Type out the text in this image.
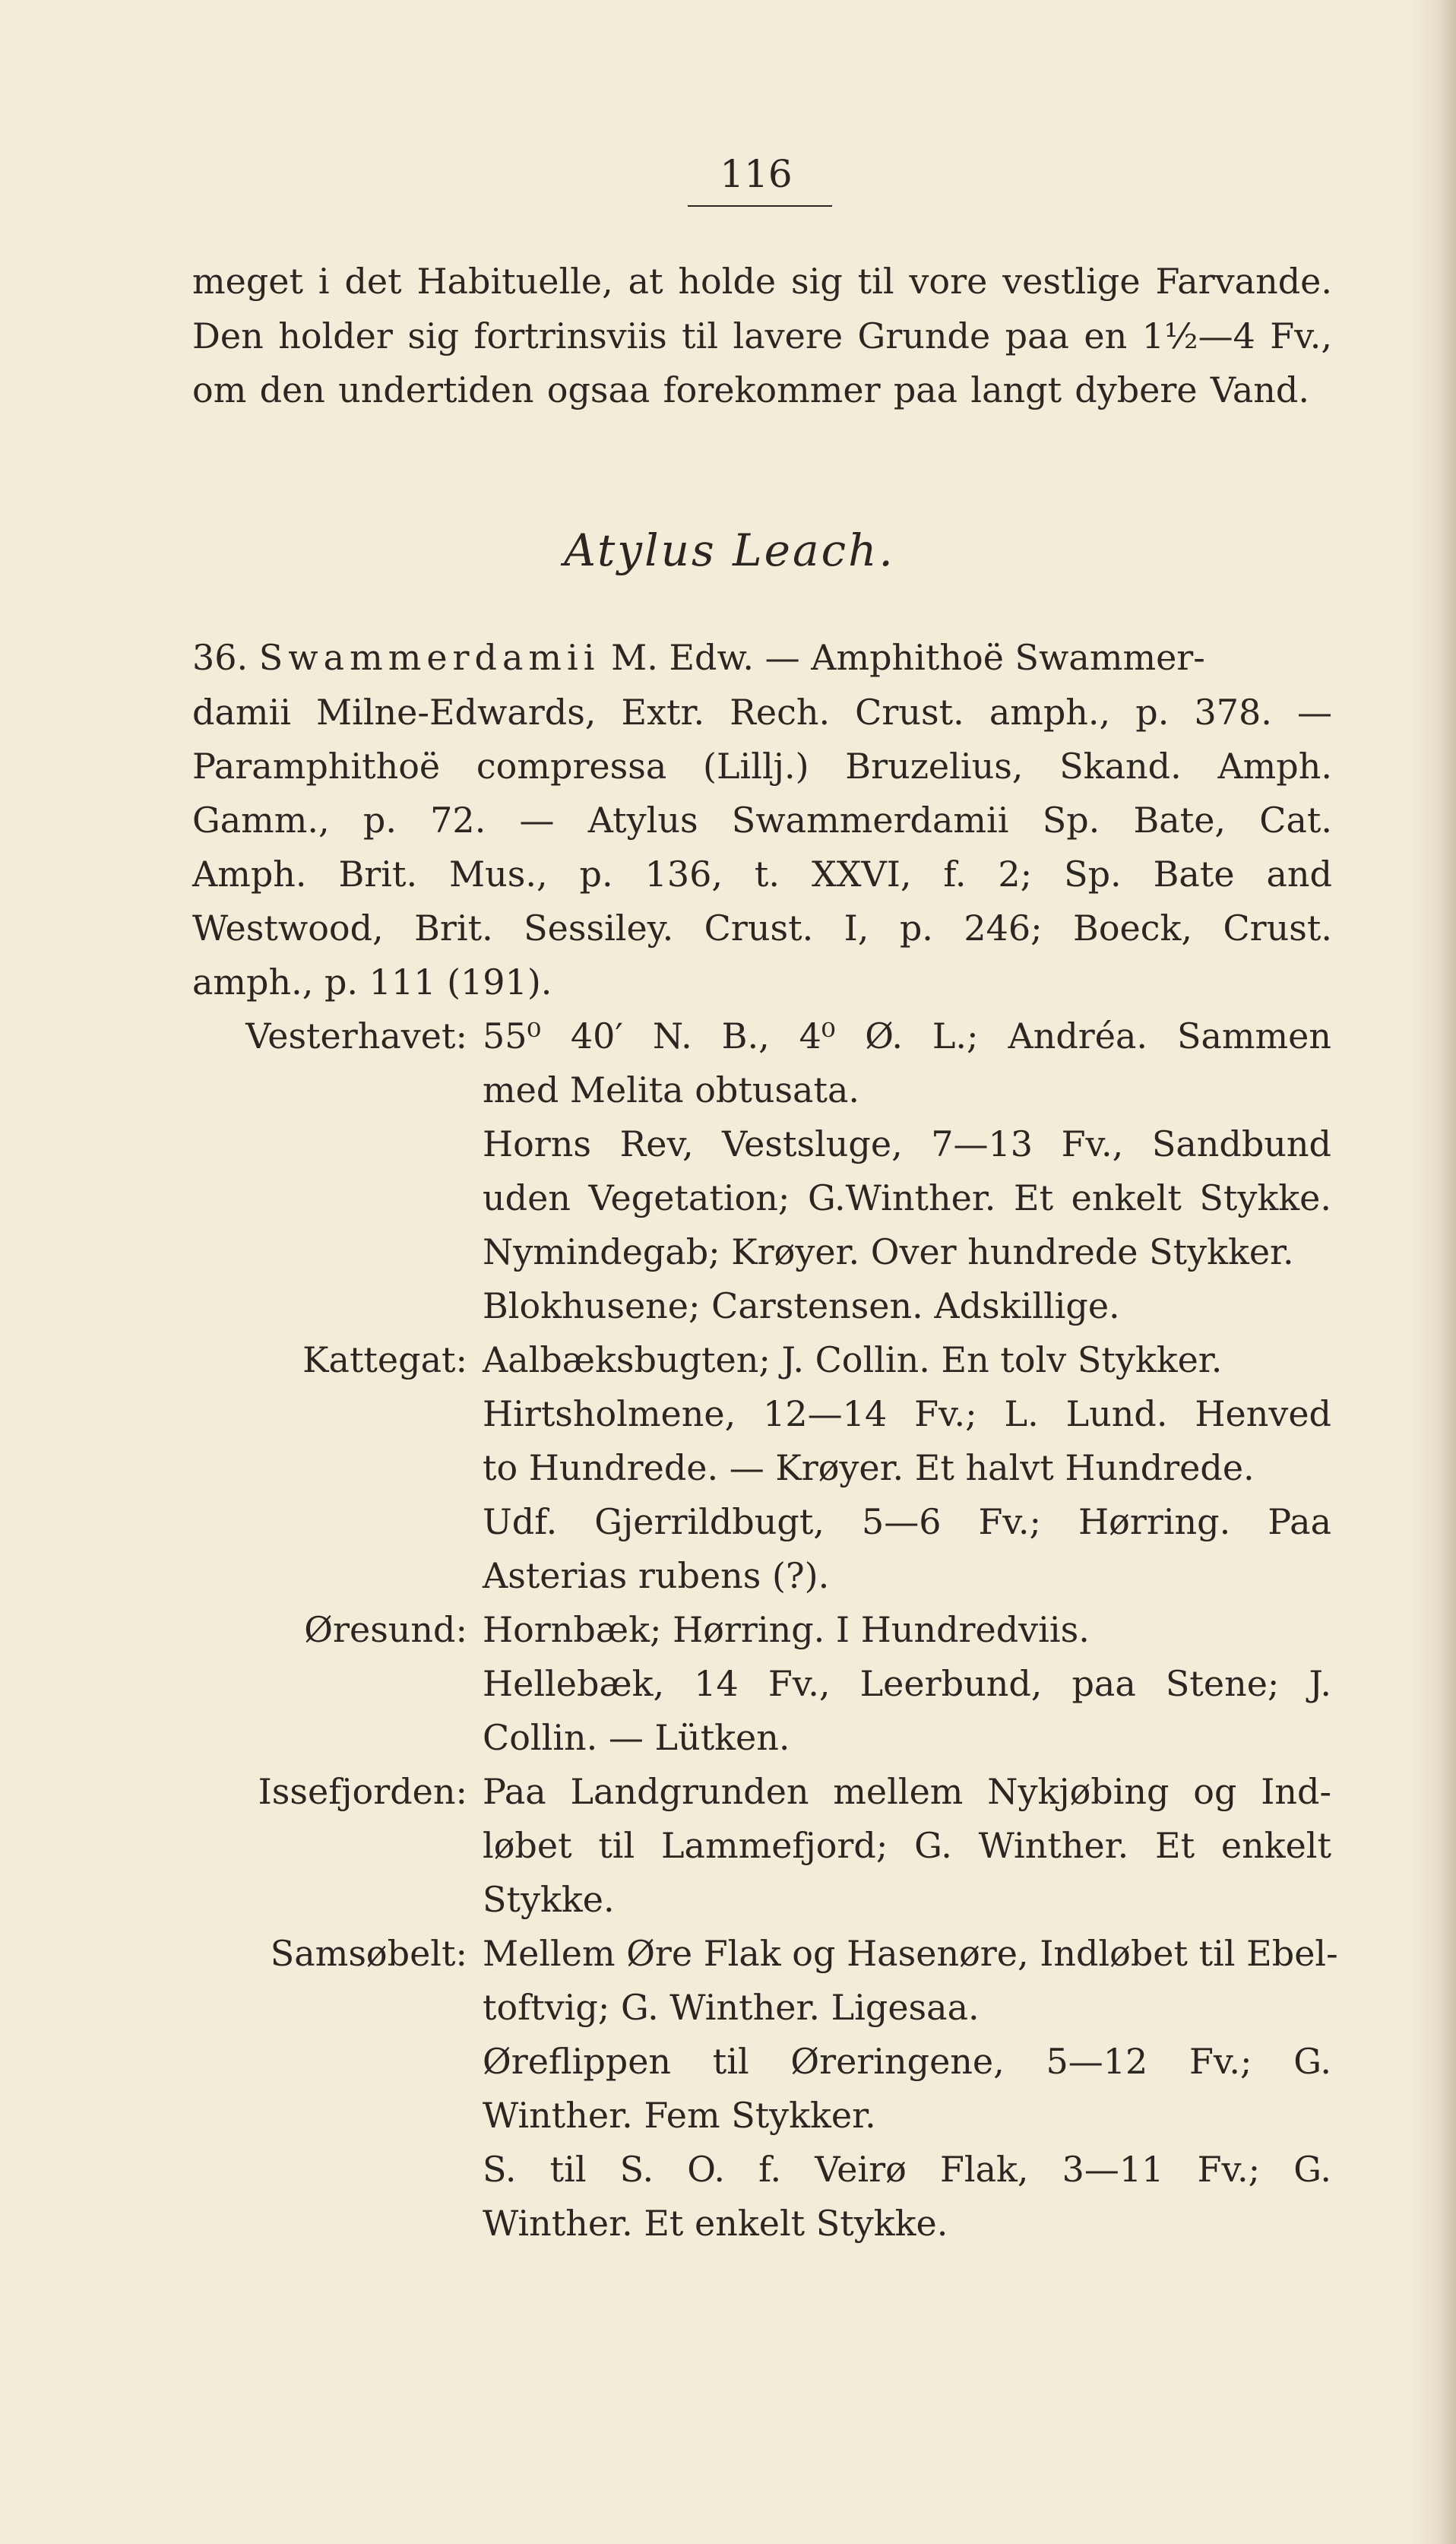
116
meget i det Habituelle, at holde sig til vore vestlige Farvande.
Den holder sig fortrinsviis til lavere Grunde paa en 1½—4 Fv.,
om den undertiden ogsaa forekommer paa langt dybere Vand.
Atylus Leach.
36. Swammerdamii M. Edw. — Amphithoë Swammer-
damii Milne-Edwards, Extr. Rech. Crust. amph., p. 378. —
Paramphithoë compressa (Lillj.) Bruzelius, Skand. Amph.
Gamm., p. 72. — Atylus Swammerdamii Sp. Bate, Cat.
Amph. Brit. Mus., p. 136, t. XXVI, f. 2; Sp. Bate and
Westwood, Brit. Sessiley. Crust. I, p. 246; Boeck, Crust.
amph., p. 111 (191).
Vesterhavet: 55⁰ 40′ N. B., 4⁰ Ø. L.; Andréa. Sammen
med Melita obtusata.
Horns Rev, Vestsluge, 7—13 Fv., Sandbund
uden Vegetation; G.Winther. Et enkelt Stykke.
Nymindegab; Krøyer. Over hundrede Stykker.
Blokhusene; Carstensen. Adskillige.
Kattegat: Aalbæksbugten; J. Collin. En tolv Stykker.
Hirtsholmene, 12—14 Fv.; L. Lund. Henved
to Hundrede. — Krøyer. Et halvt Hundrede.
Udf. Gjerrildbugt, 5—6 Fv.; Hørring. Paa
Asterias rubens (?).
Øresund: Hornbæk; Hørring. I Hundredviis.
Hellebæk, 14 Fv., Leerbund, paa Stene; J.
Collin. — Lütken.
Issefjorden: Paa Landgrunden mellem Nykjøbing og Ind-
løbet til Lammefjord; G. Winther. Et enkelt
Stykke.
Samsøbelt: Mellem Øre Flak og Hasenøre, Indløbet til Ebel-
toftvig; G. Winther. Ligesaa.
Øreflippen til Øreringene, 5—12 Fv.; G.
Winther. Fem Stykker.
S. til S. O. f. Veirø Flak, 3—11 Fv.; G.
Winther. Et enkelt Stykke.
